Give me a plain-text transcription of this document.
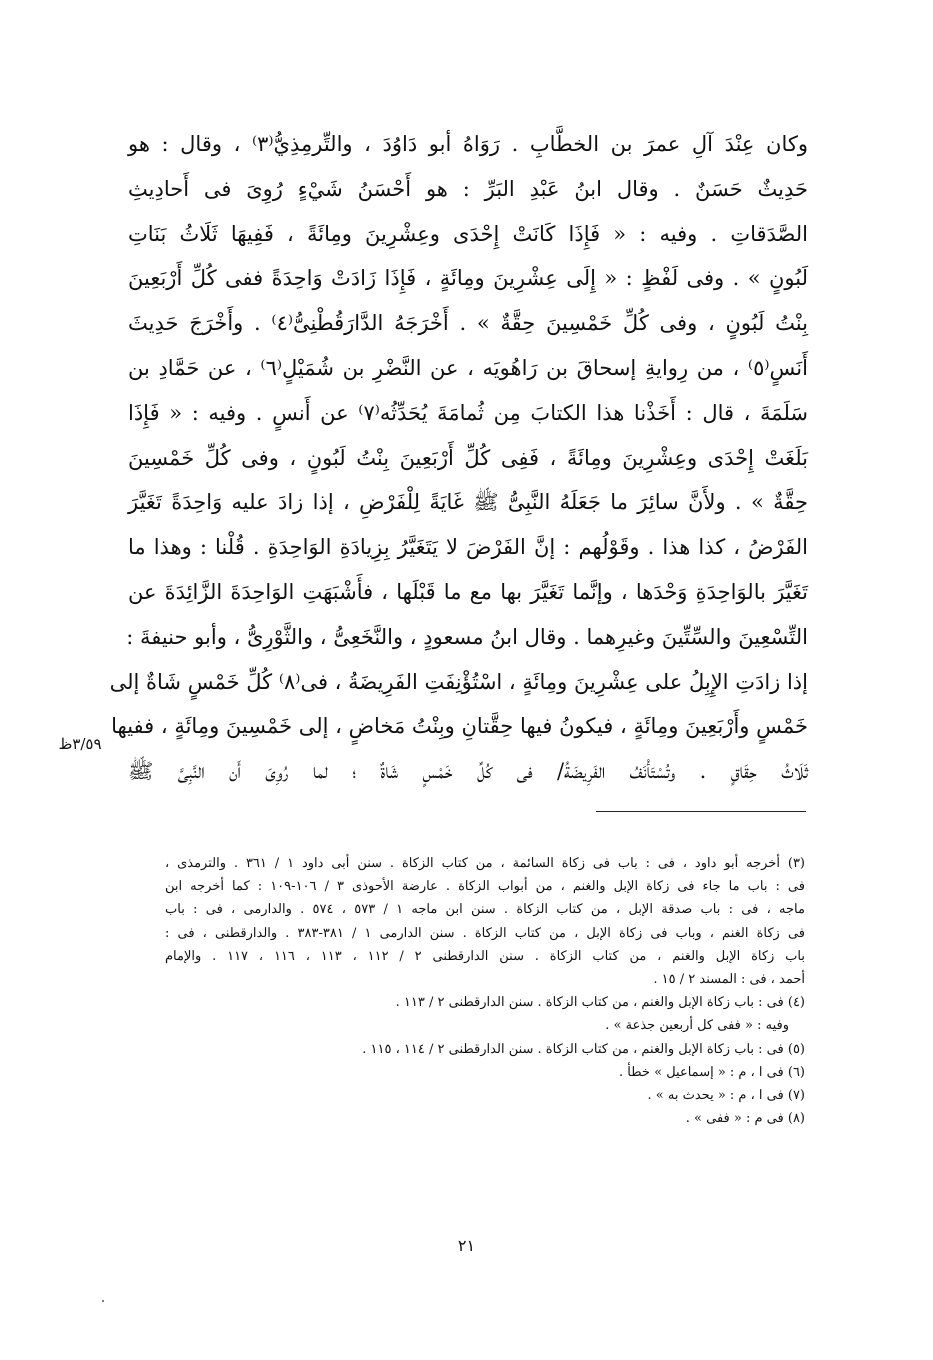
وكان عِنْدَ آلِ عمرَ بن الخطَّابِ . رَوَاهُ أبو دَاوُدَ ، والتِّرمِذِيُّ⁽٣⁾ ، وقال : هو
حَدِيثٌ حَسَنٌ . وقال ابنُ عَبْدِ البَرِّ : هو أَحْسَنُ شَيْءٍ رُوِىَ فى أَحادِيثِ
الصَّدَقاتِ . وفيه : « فَإِذَا كَانَتْ إِحْدَى وعِشْرِينَ ومِائَةً ، فَفِيهَا ثَلَاثُ بَنَاتِ
لَبُونٍ » . وفى لَفْظٍ : « إِلَى عِشْرِينَ ومِائَةٍ ، فَإِذَا زَادَتْ وَاحِدَةً ففى كُلِّ أَرْبَعِينَ
بِنْتُ لَبُونٍ ، وفى كُلِّ خَمْسِينَ حِقَّةٌ » . أَخْرَجَهُ الدَّارَقُطْنِىُّ⁽٤⁾ . وأَخْرَجَ حَدِيثَ
أَنَسٍ⁽٥⁾ ، من رِوايةِ إسحاقَ بن رَاهُويَه ، عن النَّضْرِ بن شُمَيْلٍ⁽٦⁾ ، عن حَمَّادِ بن
سَلَمَةَ ، قال : أَخَذْنا هذا الكتابَ مِن ثُمامَةَ يُحَدِّثُه⁽٧⁾ عن أَنسٍ . وفيه : « فَإِذَا
بَلَغَتْ إِحْدَى وعِشْرِينَ ومِائَةً ، فَفِى كُلِّ أَرْبَعِينَ بِنْتُ لَبُونٍ ، وفى كُلِّ خَمْسِينَ
حِقَّةٌ » . ولأَنَّ سائِرَ ما جَعَلَهُ النَّبِىُّ ﷺ غَايَةً لِلْفَرْضِ ، إذا زادَ عليه وَاحِدَةً تَغَيَّرَ
الفَرْضُ ، كذا هذا . وقَوْلُهم : إنَّ الفَرْضَ لا يَتَغَيَّرُ بِزِيادَةِ الوَاحِدَةِ . قُلْنا : وهذا ما
تَغَيَّرَ بالوَاحِدَةِ وَحْدَها ، وإنَّما تَغَيَّرَ بها مع ما قَبْلَها ، فأَشْبَهَتِ الوَاحِدَةَ الزَّائِدَةَ عن
التِّسْعِينَ والسِّتِّينَ وغيرِهما . وقال ابنُ مسعودٍ ، والنَّخَعِىُّ ، والثَّوْرِىُّ ، وأبو حنيفةَ :
إذا زادَتِ الإِبِلُ على عِشْرِينَ ومِائَةٍ ، اسْتُؤْنِفَتِ الفَرِيضَةُ ، فى⁽٨⁾ كُلِّ خَمْسٍ شَاةٌ إلى
خَمْسٍ وأَرْبَعِينَ ومِائَةٍ ، فيكونُ فيها حِقَّتانِ وبِنْتُ مَخاضٍ ، إلى خَمْسِينَ ومِائَةٍ ، ففيها
ثَلَاثُ حِقَاقٍ . وتُسْتَأْنَفُ الفَرِيضَةُ/ فى كُلِّ خَمْسٍ شَاةٌ ؛ لما رُوِىَ أَن النَّبِىَّ ﷺ
٣/٥٩ظ
(٣) أخرجه أبو داود ، فى : باب فى زكاة السائمة ، من كتاب الزكاة . سنن أبى داود ١ / ٣٦١ . والترمذى ،
فى : باب ما جاء فى زكاة الإبل والغنم ، من أبواب الزكاة . عارضة الأحوذى ٣ / ١٠٦-١٠٩ : كما أخرجه ابن
ماجه ، فى : باب صدقة الإبل ، من كتاب الزكاة . سنن ابن ماجه ١ / ٥٧٣ ، ٥٧٤ . والدارمى ، فى : باب
فى زكاة الغنم ، وباب فى زكاة الإبل ، من كتاب الزكاة . سنن الدارمى ١ / ٣٨١-٣٨٣ . والدارقطنى ، فى :
باب زكاة الإبل والغنم ، من كتاب الزكاة . سنن الدارقطنى ٢ / ١١٢ ، ١١٣ ، ١١٦ ، ١١٧ . والإمام
أحمد ، فى : المسند ٢ / ١٥ .
(٤) فى : باب زكاة الإبل والغنم ، من كتاب الزكاة . سنن الدارقطنى ٢ / ١١٣ .
وفيه : « ففى كل أربعين جذعة » .
(٥) فى : باب زكاة الإبل والغنم ، من كتاب الزكاة . سنن الدارقطنى ٢ / ١١٤ ، ١١٥ .
(٦) فى ا ، م : « إسماعيل » خطأ .
(٧) فى ا ، م : « يحدث به » .
(٨) فى م : « ففى » .
٢١
